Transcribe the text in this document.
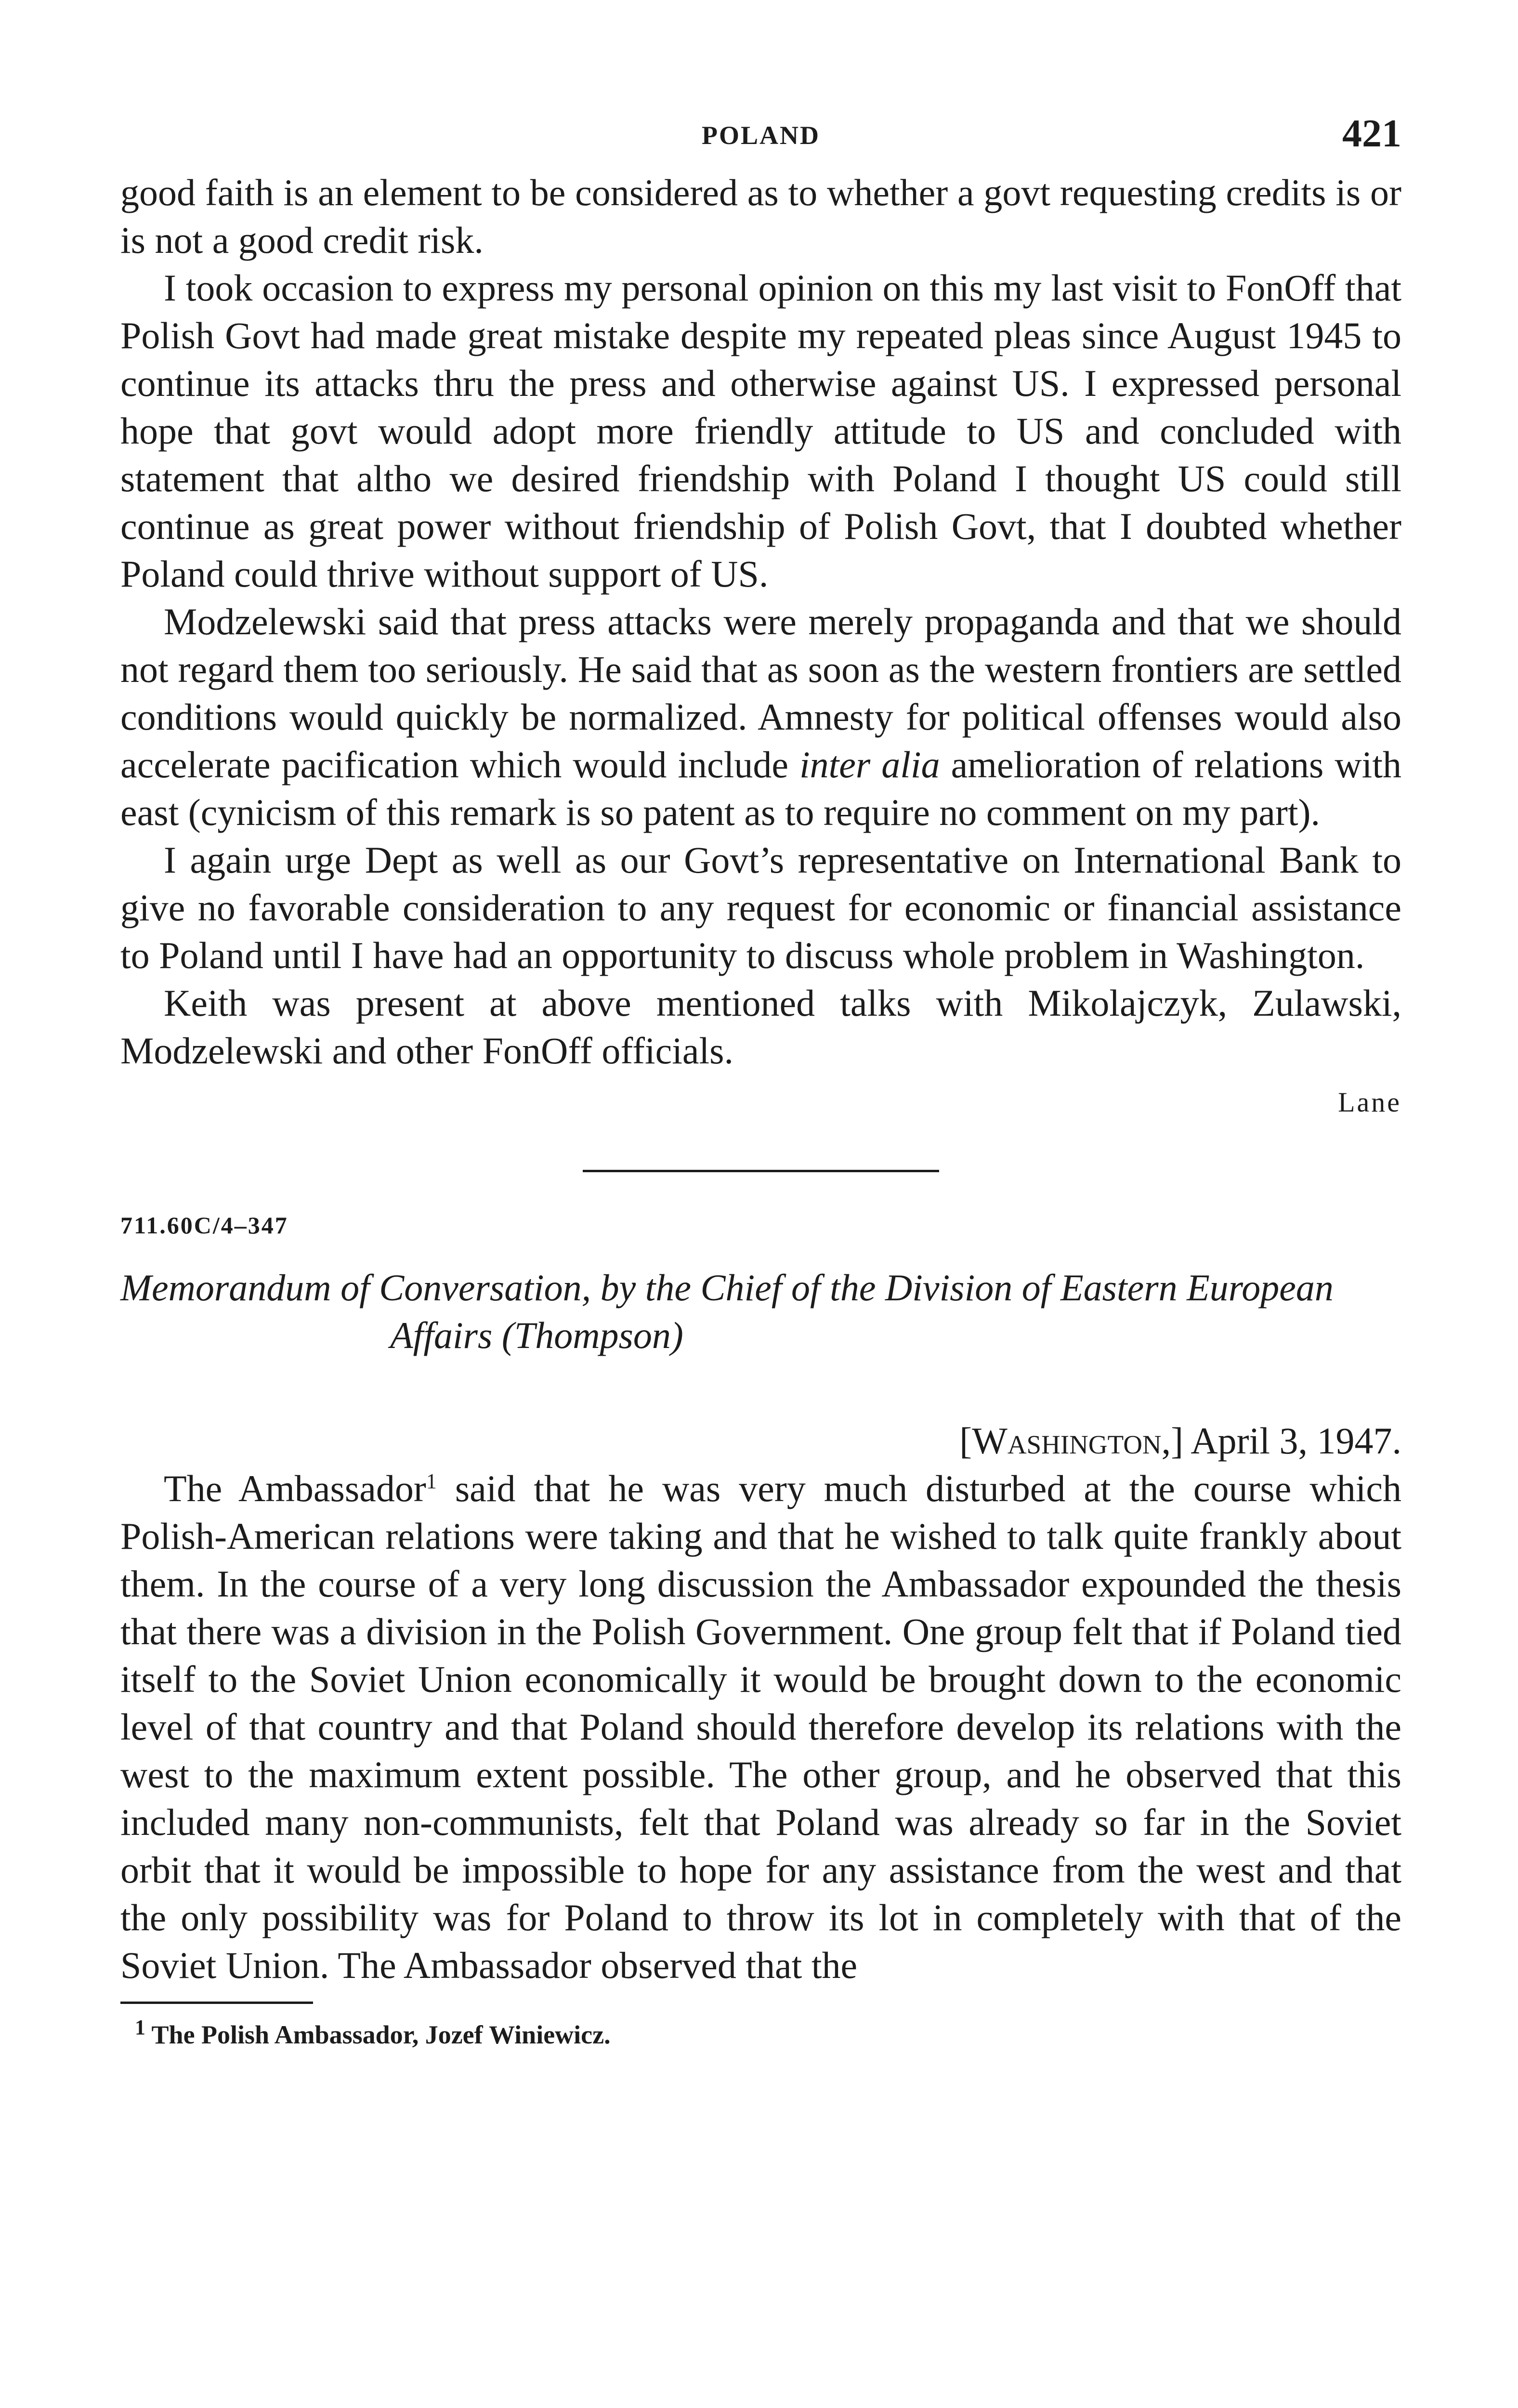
POLAND	421

good faith is an element to be considered as to whether a govt requesting credits is or is not a good credit risk.

I took occasion to express my personal opinion on this my last visit to FonOff that Polish Govt had made great mistake despite my repeated pleas since August 1945 to continue its attacks thru the press and otherwise against US. I expressed personal hope that govt would adopt more friendly attitude to US and concluded with statement that altho we desired friendship with Poland I thought US could still continue as great power without friendship of Polish Govt, that I doubted whether Poland could thrive without support of US.

Modzelewski said that press attacks were merely propaganda and that we should not regard them too seriously. He said that as soon as the western frontiers are settled conditions would quickly be normalized. Amnesty for political offenses would also accelerate pacification which would include inter alia amelioration of relations with east (cynicism of this remark is so patent as to require no comment on my part).

I again urge Dept as well as our Govt’s representative on International Bank to give no favorable consideration to any request for economic or financial assistance to Poland until I have had an opportunity to discuss whole problem in Washington.

Keith was present at above mentioned talks with Mikolajczyk, Zulawski, Modzelewski and other FonOff officials.

Lane
711.60C/4–347

Memorandum of Conversation, by the Chief of the Division of Eastern European Affairs (Thompson)

[Washington,] April 3, 1947.

The Ambassador$^1$ said that he was very much disturbed at the course which Polish-American relations were taking and that he wished to talk quite frankly about them. In the course of a very long discussion the Ambassador expounded the thesis that there was a division in the Polish Government. One group felt that if Poland tied itself to the Soviet Union economically it would be brought down to the economic level of that country and that Poland should therefore develop its relations with the west to the maximum extent possible. The other group, and he observed that this included many non-communists, felt that Poland was already so far in the Soviet orbit that it would be impossible to hope for any assistance from the west and that the only possibility was for Poland to throw its lot in completely with that of the Soviet Union. The Ambassador observed that the

$^1$ The Polish Ambassador, Jozef Winiewicz.
